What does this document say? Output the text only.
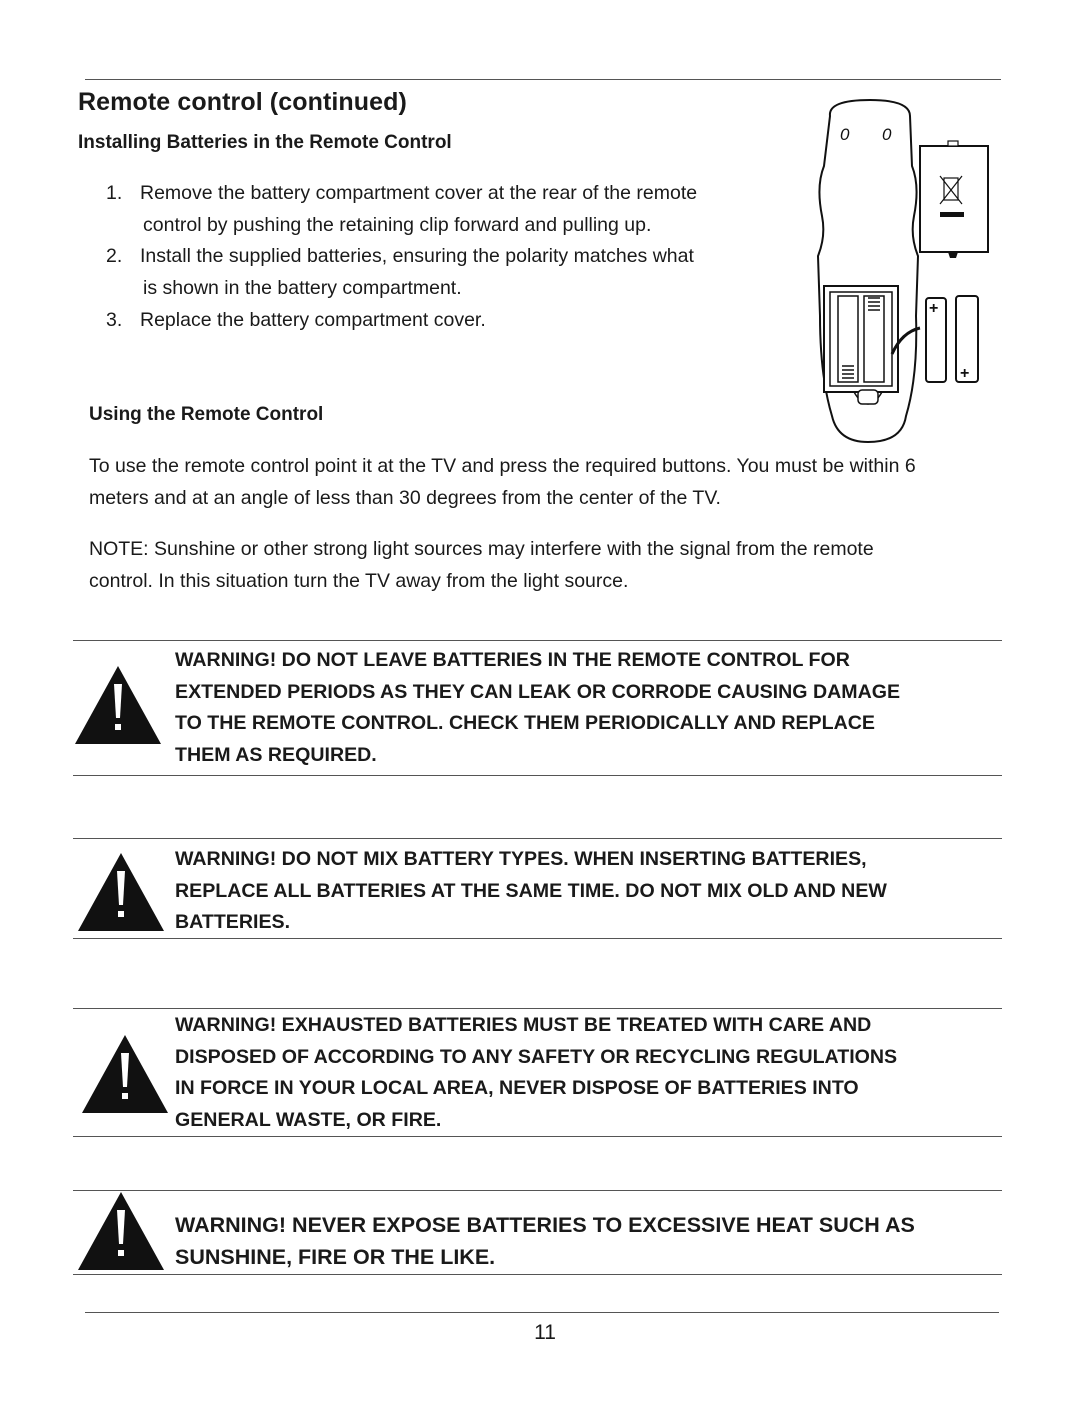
Remote control (continued)
Installing Batteries in the Remote Control
1. Remove the battery compartment cover at the rear of the remote
control by pushing the retaining clip forward and pulling up.
2. Install the supplied batteries, ensuring the polarity matches what
is shown in the battery compartment.
3. Replace the battery compartment cover.
0 0
+
+
−
Using the Remote Control

To use the remote control point it at the TV and press the required buttons. You must be within 6 meters and at an angle of less than 30 degrees from the center of the TV.

NOTE: Sunshine or other strong light sources may interfere with the signal from the remote control. In this situation turn the TV away from the light source.

WARNING! DO NOT LEAVE BATTERIES IN THE REMOTE CONTROL FOR
EXTENDED PERIODS AS THEY CAN LEAK OR CORRODE CAUSING DAMAGE
TO THE REMOTE CONTROL. CHECK THEM PERIODICALLY AND REPLACE
THEM AS REQUIRED.

WARNING! DO NOT MIX BATTERY TYPES. WHEN INSERTING BATTERIES,
REPLACE ALL BATTERIES AT THE SAME TIME. DO NOT MIX OLD AND NEW
BATTERIES.

WARNING! EXHAUSTED BATTERIES MUST BE TREATED WITH CARE AND
DISPOSED OF ACCORDING TO ANY SAFETY OR RECYCLING REGULATIONS
IN FORCE IN YOUR LOCAL AREA, NEVER DISPOSE OF BATTERIES INTO
GENERAL WASTE, OR FIRE.

WARNING! NEVER EXPOSE BATTERIES TO EXCESSIVE HEAT SUCH AS
SUNSHINE, FIRE OR THE LIKE.

11
